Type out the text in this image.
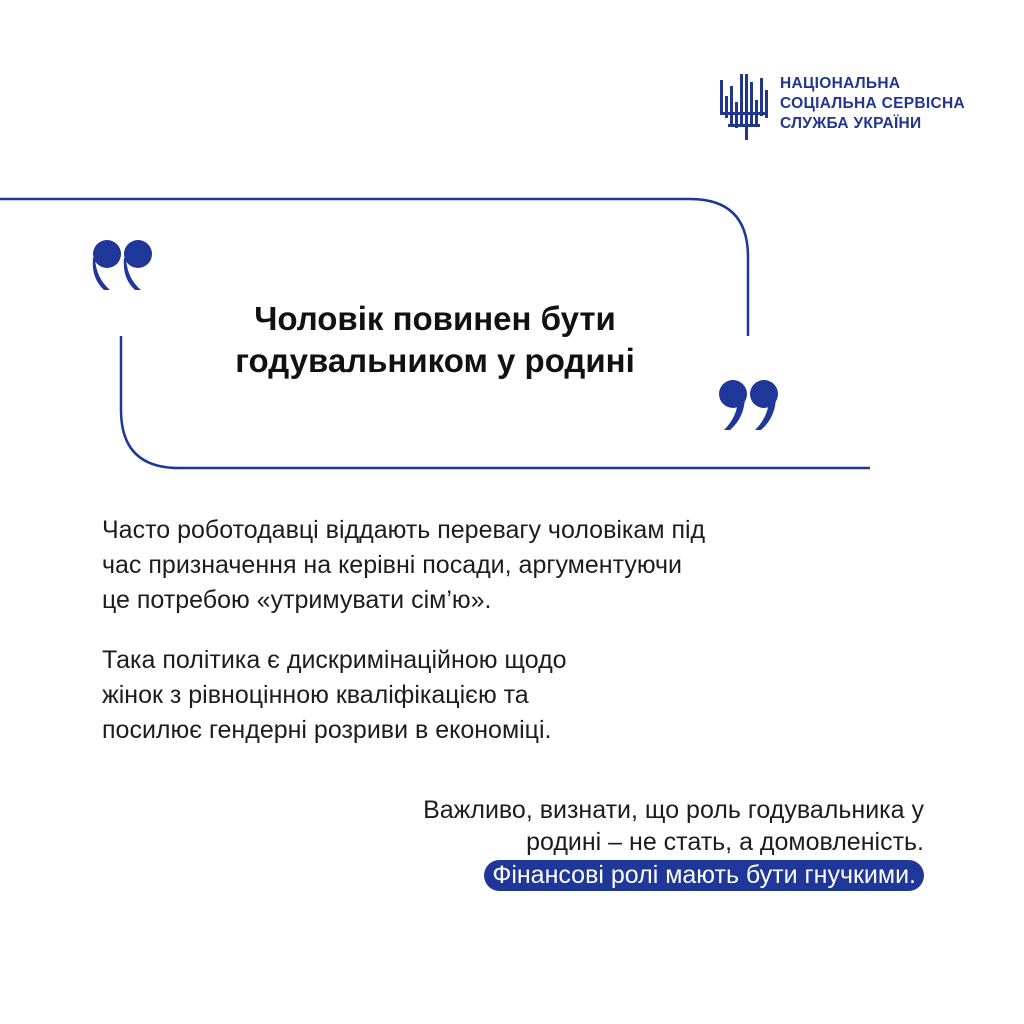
НАЦІОНАЛЬНА
СОЦІАЛЬНА СЕРВІСНА
СЛУЖБА УКРАЇНИ
Чоловік повинен бути
годувальником у родині

Часто роботодавці віддають перевагу чоловікам під
час призначення на керівні посади, аргументуючи
це потребою «утримувати сім’ю».

Така політика є дискримінаційною щодо
жінок з рівноцінною кваліфікацією та
посилює гендерні розриви в економіці.

Важливо, визнати, що роль годувальника у
родині – не стать, а домовленість.
Фінансові ролі мають бути гнучкими.
